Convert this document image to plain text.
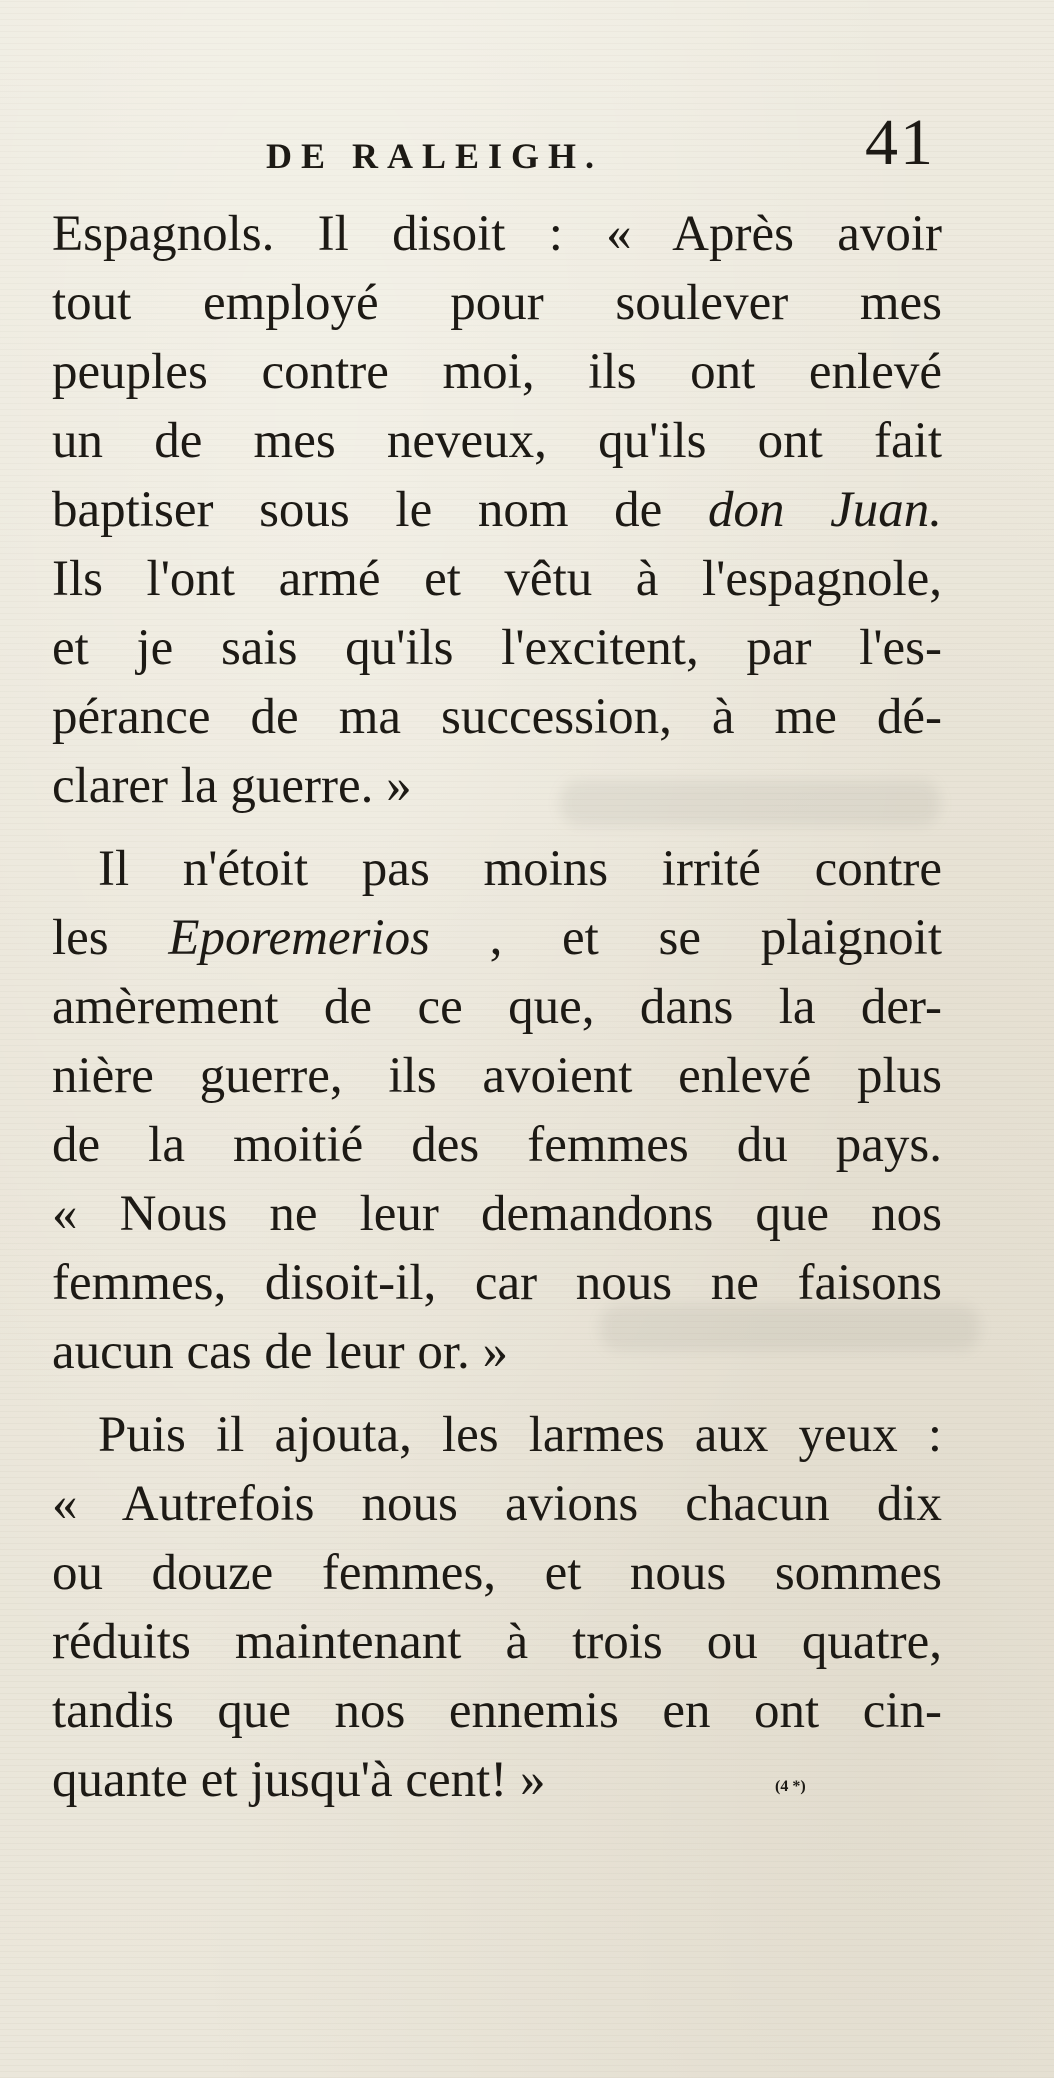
DE RALEIGH.	41
Espagnols. Il disoit : « Après avoir
tout employé pour soulever mes
peuples contre moi, ils ont enlevé
un de mes neveux, qu'ils ont fait
baptiser sous le nom de don Juan.
Ils l'ont armé et vêtu à l'espagnole,
et je sais qu'ils l'excitent, par l'es-
pérance de ma succession, à me dé-
clarer la guerre. »
Il n'étoit pas moins irrité contre
les Eporemerios , et se plaignoit
amèrement de ce que, dans la der-
nière guerre, ils avoient enlevé plus
de la moitié des femmes du pays.
« Nous ne leur demandons que nos
femmes, disoit-il, car nous ne faisons
aucun cas de leur or. »
Puis il ajouta, les larmes aux yeux :
« Autrefois nous avions chacun dix
ou douze femmes, et nous sommes
réduits maintenant à trois ou quatre,
tandis que nos ennemis en ont cin-
quante et jusqu'à cent! »	(4 *)
